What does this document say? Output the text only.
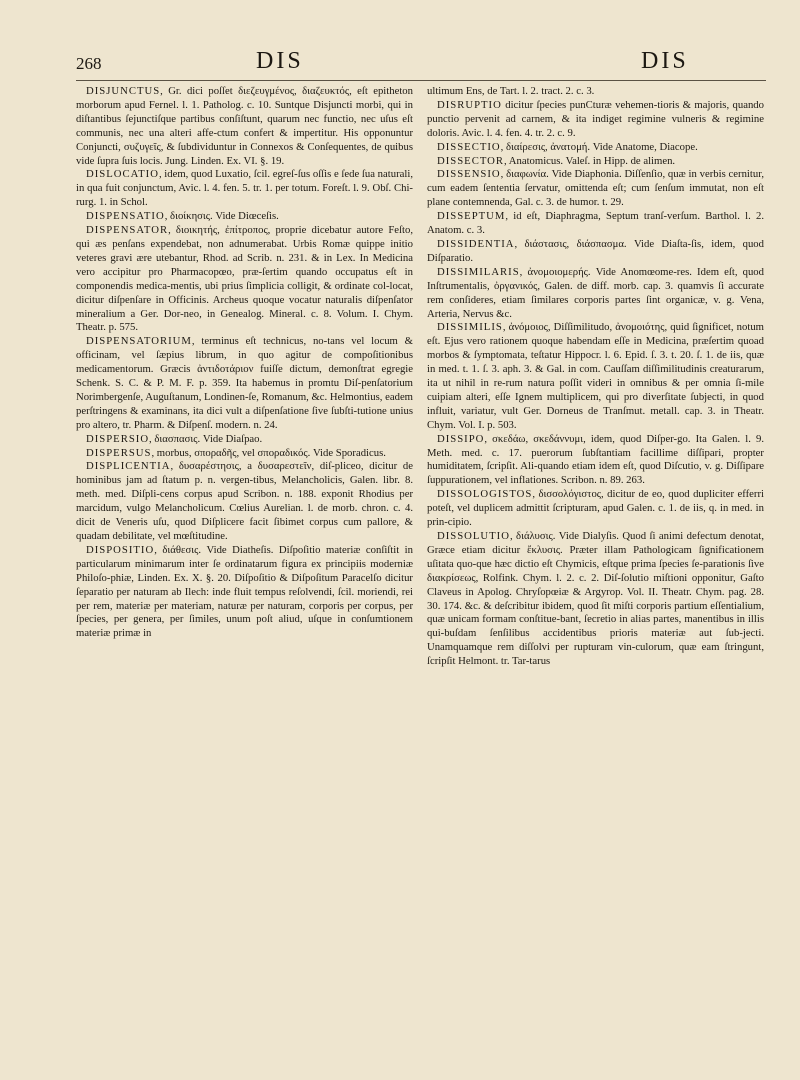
268	DIS	DIS

DISJUNCTUS, Gr. dici poſſet διεζευγμένος, διαζευκτός, eſt epitheton morborum apud Fernel. l. 1. Patholog. c. 10. Suntque Disjuncti morbi, qui in diſtantibus ſejunctiſque partibus conſiſtunt, quarum nec functio, nec uſus eſt communis, nec una alteri affe-ctum confert & impertitur. His opponuntur Conjuncti, συζυγεῖς, & ſubdividuntur in Connexos & Conſequentes, de quibus vide ſupra ſuis locis. Jung. Linden. Ex. VI. §. 19.

DISLOCATIO, idem, quod Luxatio, ſcil. egreſ-ſus oſſis e ſede ſua naturali, in qua fuit conjunctum, Avic. l. 4. fen. 5. tr. 1. per totum. Foreſt. l. 9. Obſ. Chi-rurg. 1. in Schol.

DISPENSATIO, διοίκησις. Vide Diœceſis.

DISPENSATOR, διοικητής, ἐπίτροπος, proprie dicebatur autore Feſto, qui æs penſans expendebat, non adnumerabat. Urbis Romæ quippe initio veteres gravi ære utebantur, Rhod. ad Scrib. n. 231. & in Lex. In Medicina vero accipitur pro Pharmacopœo, præ-ſertim quando occupatus eſt in componendis medica-mentis, ubi prius ſimplicia colligit, & ordinate col-locat, dicitur diſpenſare in Officinis. Archeus quoque vocatur naturalis diſpenſator mineralium a Ger. Dor-neo, in Genealog. Mineral. c. 8. Volum. I. Chym. Theatr. p. 575.

DISPENSATORIUM, terminus eſt technicus, no-tans vel locum & officinam, vel ſæpius librum, in quo agitur de compoſitionibus medicamentorum. Græcis ἀντιδοτάριον fuiſſe dictum, demonſtrat egregie Schenk. S. C. & P. M. F. p. 359. Ita habemus in promtu Diſ-penſatorium Norimbergenſe, Auguſtanum, Londinen-ſe, Romanum, &c. Helmontius, eadem perſtringens & examinans, ita dici vult a diſpenſatione ſive ſubſti-tutione unius pro altero, tr. Pharm. & Diſpenſ. modern. n. 24.

DISPERSIO, διασπασις. Vide Diaſpao.

DISPERSUS, morbus, σποραδῆς, vel σποραδικός. Vide Sporadicus.

DISPLICENTIA, δυσαρέστησις, a δυσαρεστεῖν, diſ-pliceo, dicitur de hominibus jam ad ſtatum p. n. vergen-tibus, Melancholicis, Galen. libr. 8. meth. med. Diſpli-cens corpus apud Scribon. n. 188. exponit Rhodius per marcidum, vulgo Melancholicum. Cœlius Aurelian. l. de morb. chron. c. 4. dicit de Veneris uſu, quod Diſplicere facit ſibimet corpus cum pallore, & quadam debilitate, vel mœſtitudine.

DISPOSITIO, διάθεσις. Vide Diatheſis. Diſpoſitio materiæ conſiſtit in particularum minimarum inter ſe ordinatarum figura ex principiis moderniæ Philoſo-phiæ, Linden. Ex. X. §. 20. Diſpoſitio & Diſpoſitum Paracelſo dicitur ſeparatio per naturam ab Ilech: inde fluit tempus reſolvendi, ſcil. moriendi, rei per rem, materiæ per materiam, naturæ per naturam, corporis per corpus, per ſpecies, per genera, per ſimiles, unum poſt aliud, uſque in conſumtionem materiæ primæ in

ultimum Ens, de Tart. l. 2. tract. 2. c. 3.

DISRUPTIO dicitur ſpecies punCturæ vehemen-tioris & majoris, quando punctio pervenit ad carnem, & ita indiget regimine vulneris & regimine doloris. Avic. l. 4. fen. 4. tr. 2. c. 9.

DISSECTIO, διαίρεσις, ἀνατομή. Vide Anatome, Diacope.

DISSECTOR, Anatomicus. Valeſ. in Hipp. de alimen.

DISSENSIO, διαφωνία. Vide Diaphonia. Diſſenſio, quæ in verbis cernitur, cum eadem ſententia ſervatur, omittenda eſt; cum ſenſum immutat, non eſt plane contemnenda, Gal. c. 3. de humor. t. 29.

DISSEPTUM, id eſt, Diaphragma, Septum tranſ-verſum. Barthol. l. 2. Anatom. c. 3.

DISSIDENTIA, διάστασις, διάσπασμα. Vide Diaſta-ſis, idem, quod Diſparatio.

DISSIMILARIS, ἀνομοιομερής. Vide Anomœome-res. Idem eſt, quod Inſtrumentalis, ὀργανικός, Galen. de diff. morb. cap. 3. quamvis ſi accurate rem conſideres, etiam ſimilares corporis partes ſint organicæ, v. g. Vena, Arteria, Nervus &c.

DISSIMILIS, ἀνόμοιος, Diſſimilitudo, ἀνομοιότης, quid ſignificet, notum eſt. Ejus vero rationem quoque habendam eſſe in Medicina, præſertim quoad morbos & ſymptomata, teſtatur Hippocr. l. 6. Epid. ſ. 3. t. 20. ſ. 1. de iis, quæ in med. t. 1. ſ. 3. aph. 3. & Gal. in com. Cauſſam diſſimilitudinis creaturarum, ita ut nihil in re-rum natura poſſit videri in omnibus & per omnia ſi-mile cuipiam alteri, eſſe Ignem multiplicem, qui pro diverſitate ſubjecti, in quod influit, variatur, vult Ger. Dorneus de Tranſmut. metall. cap. 3. in Theatr. Chym. Vol. I. p. 503.

DISSIPO, σκεδάω, σκεδάννυμι, idem, quod Diſper-go. Ita Galen. l. 9. Meth. med. c. 17. puerorum ſubſtantiam facillime diſſipari, propter humiditatem, ſcripſit. Ali-quando etiam idem eſt, quod Diſcutio, v. g. Diſſipare ſuppurationem, vel inflationes. Scribon. n. 89. 263.

DISSOLOGISTOS, δισσολόγιστος, dicitur de eo, quod dupliciter efferri poteſt, vel duplicem admittit ſcripturam, apud Galen. c. 1. de iis, q. in med. in prin-cipio.

DISSOLUTIO, διάλυσις. Vide Dialyſis. Quod ſi animi defectum denotat, Græce etiam dicitur ἔκλυσις. Præter illam Pathologicam ſignificationem uſitata quo-que hæc dictio eſt Chymicis, eſtque prima ſpecies ſe-parationis ſive διακρίσεως, Rolfink. Chym. l. 2. c. 2. Diſ-ſolutio miſtioni opponitur, Gaſto Claveus in Apolog. Chryſopœiæ & Argyrop. Vol. II. Theatr. Chym. pag. 28. 30. 174. &c. & deſcribitur ibidem, quod ſit miſti corporis partium eſſentialium, quæ unicam formam conſtitue-bant, ſecretio in alias partes, manentibus in illis qui-buſdam ſenſilibus accidentibus prioris materiæ aut ſub-jecti. Unamquamque rem diſſolvi per rupturam vin-culorum, quæ eam ſtringunt, ſcripſit Helmont. tr. Tar-tarus
